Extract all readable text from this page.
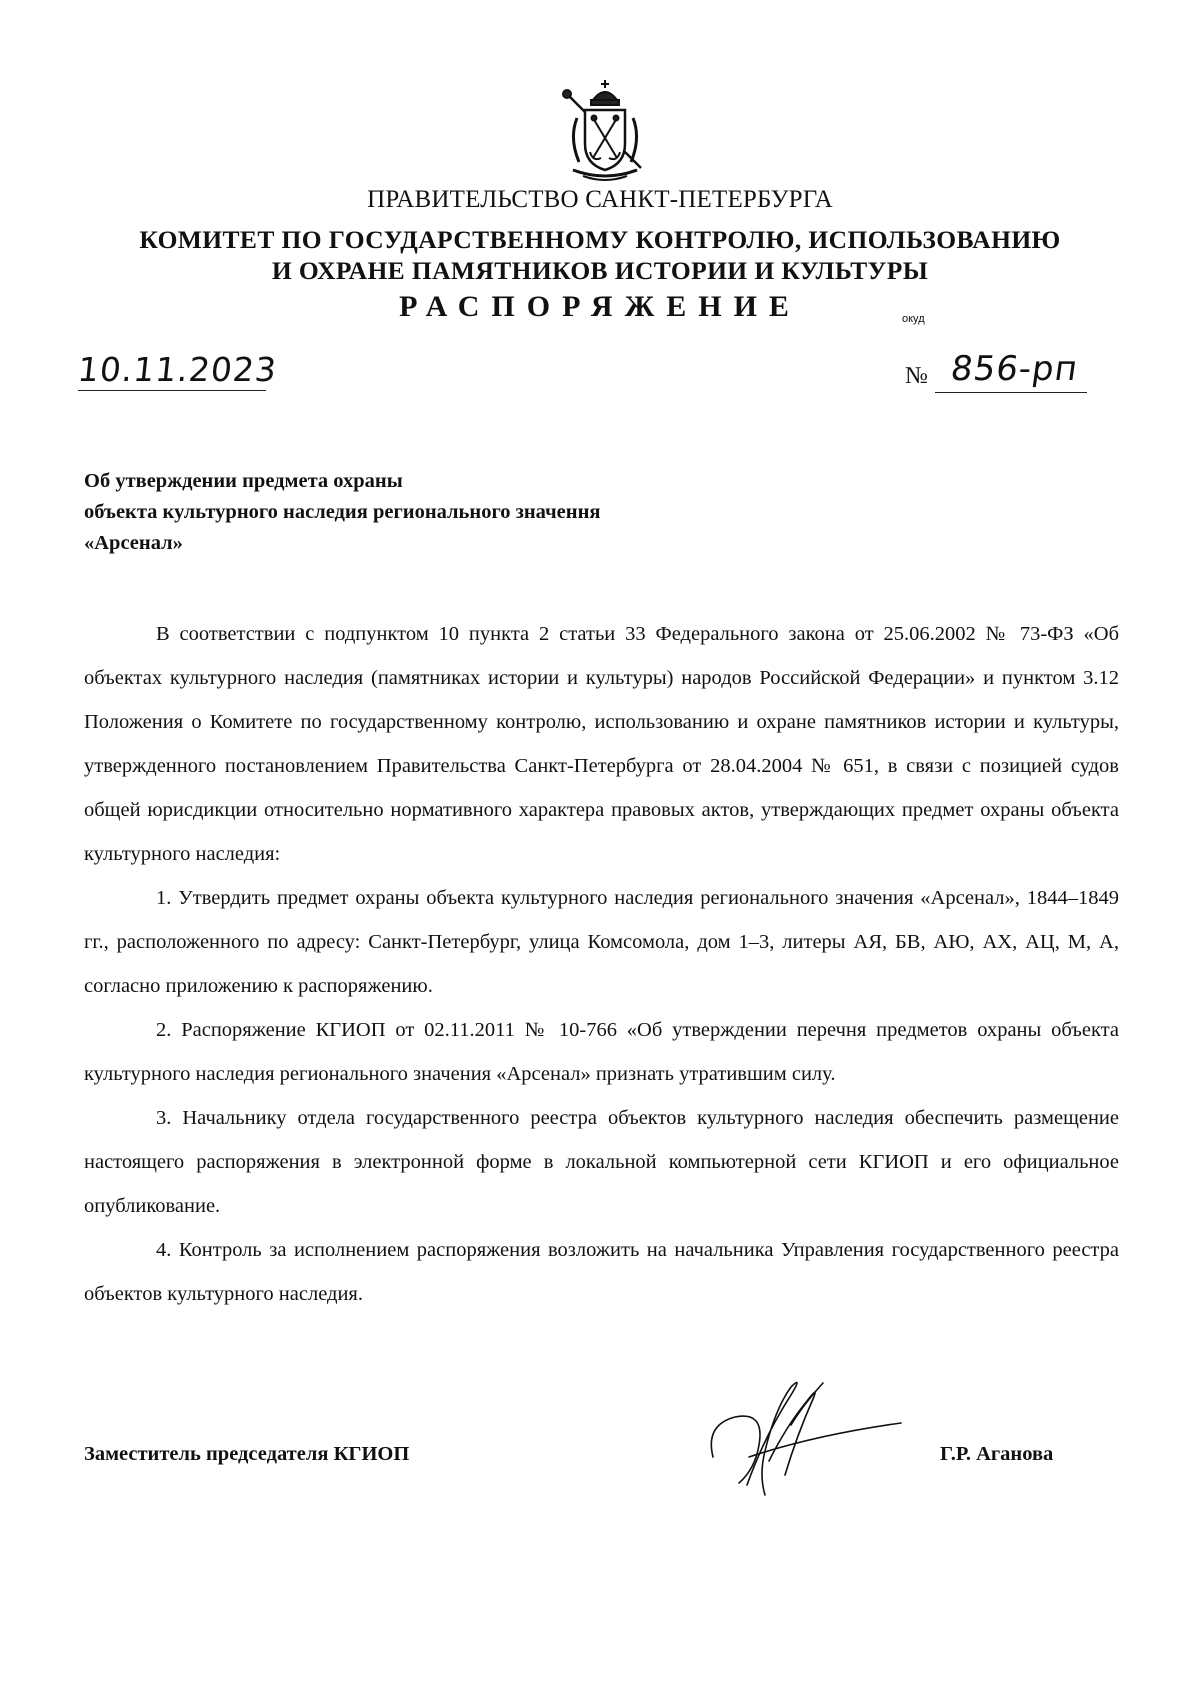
ПРАВИТЕЛЬСТВО САНКТ-ПЕТЕРБУРГА
КОМИТЕТ ПО ГОСУДАРСТВЕННОМУ КОНТРОЛЮ, ИСПОЛЬЗОВАНИЮ
И ОХРАНЕ ПАМЯТНИКОВ ИСТОРИИ И КУЛЬТУРЫ
РАСПОРЯЖЕНИЕ	окуд
10.11.2023	№ 856-рп
Об утверждении предмета охраны
объекта культурного наследия регионального значення
«Арсенал»

В соответствии с подпунктом 10 пункта 2 статьи 33 Федерального закона от 25.06.2002 № 73-ФЗ «Об объектах культурного наследия (памятниках истории и культуры) народов Российской Федерации» и пунктом 3.12 Положения о Комитете по государственному контролю, использованию и охране памятников истории и культуры, утвержденного постановлением Правительства Санкт-Петербурга от 28.04.2004 № 651, в связи с позицией судов общей юрисдикции относительно нормативного характера правовых актов, утверждающих предмет охраны объекта культурного наследия:

1. Утвердить предмет охраны объекта культурного наследия регионального значения «Арсенал», 1844–1849 гг., расположенного по адресу: Санкт-Петербург, улица Комсомола, дом 1–3, литеры АЯ, БВ, АЮ, АХ, АЦ, М, А, согласно приложению к распоряжению.

2. Распоряжение КГИОП от 02.11.2011 № 10-766 «Об утверждении перечня предметов охраны объекта культурного наследия регионального значения «Арсенал» признать утратившим силу.

3. Начальнику отдела государственного реестра объектов культурного наследия обеспечить размещение настоящего распоряжения в электронной форме в локальной компьютерной сети КГИОП и его официальное опубликование.

4. Контроль за исполнением распоряжения возложить на начальника Управления государственного реестра объектов культурного наследия.

Заместитель председателя КГИОП	Г.Р. Аганова
